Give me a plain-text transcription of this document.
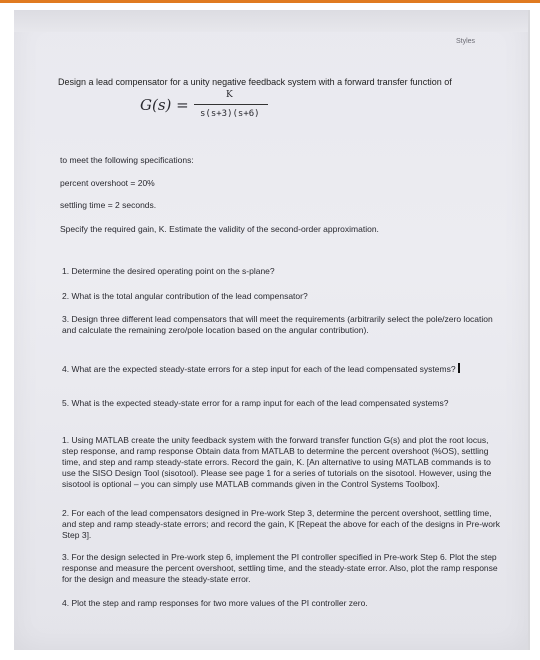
Styles
Design a lead compensator for a unity negative feedback system with a forward transfer function of
G(s) =
K
s(s+3)(s+6)
to meet the following specifications:
percent overshoot = 20%
settling time = 2 seconds.
Specify the required gain, K. Estimate the validity of the second-order approximation.
1. Determine the desired operating point on the s-plane?
2. What is the total angular contribution of the lead compensator?
3. Design three different lead compensators that will meet the requirements (arbitrarily select the pole/zero location and calculate the remaining zero/pole location based on the angular contribution).
4. What are the expected steady-state errors for a step input for each of the lead compensated systems?
5. What is the expected steady-state error for a ramp input for each of the lead compensated systems?
1. Using MATLAB create the unity feedback system with the forward transfer function G(s) and plot the root locus, step response, and ramp response Obtain data from MATLAB to determine the percent overshoot (%OS), settling time, and step and ramp steady-state errors. Record the gain, K. [An alternative to using MATLAB commands is to use the SISO Design Tool (sisotool). Please see page 1 for a series of tutorials on the sisotool. However, using the sisotool is optional – you can simply use MATLAB commands given in the Control Systems Toolbox].
2. For each of the lead compensators designed in Pre-work Step 3, determine the percent overshoot, settling time, and step and ramp steady-state errors; and record the gain, K [Repeat the above for each of the designs in Pre-work Step 3].
3. For the design selected in Pre-work step 6, implement the PI controller specified in Pre-work Step 6. Plot the step response and measure the percent overshoot, settling time, and the steady-state error. Also, plot the ramp response for the design and measure the steady-state error.
4. Plot the step and ramp responses for two more values of the PI controller zero.
